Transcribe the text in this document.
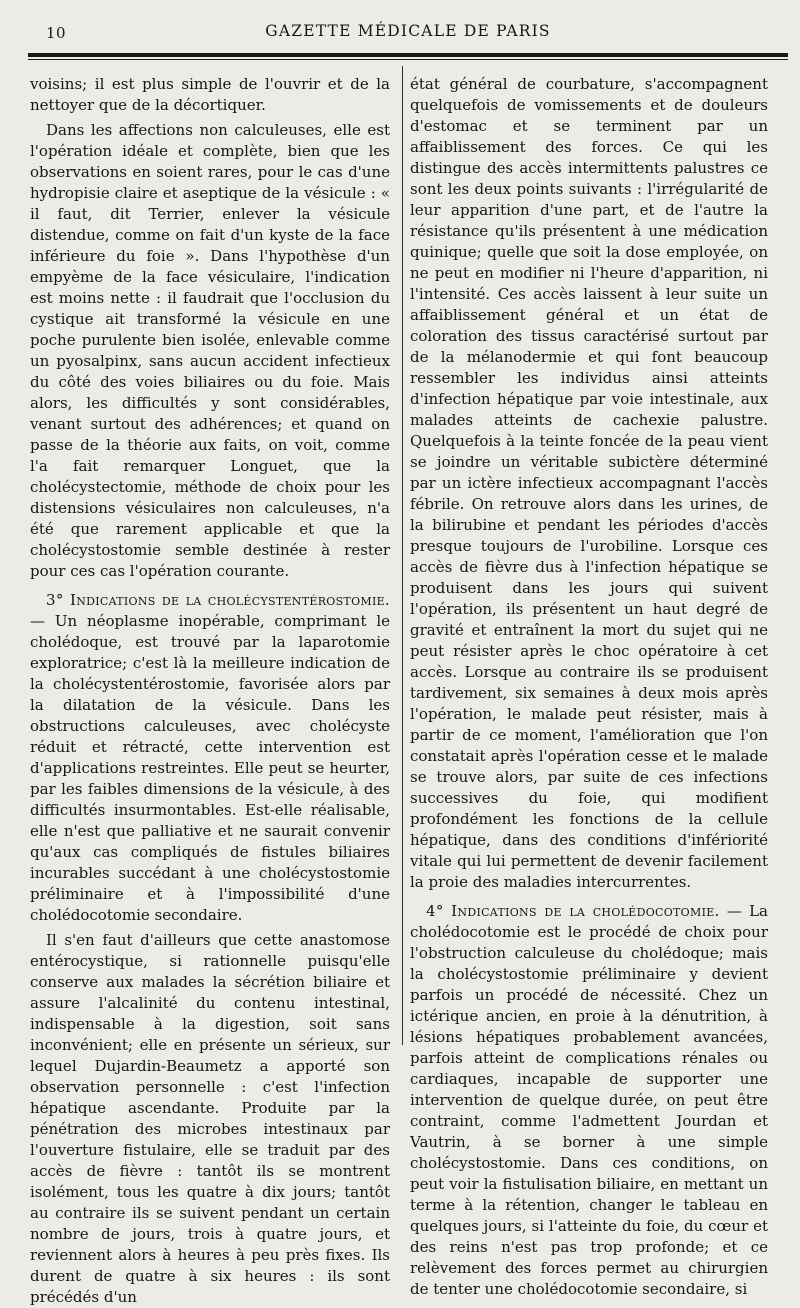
10	GAZETTE MÉDICALE DE PARIS

voisins; il est plus simple de l'ouvrir et de la nettoyer que de la décortiquer.

Dans les affections non calculeuses, elle est l'opération idéale et complète, bien que les observations en soient rares, pour le cas d'une hydropisie claire et aseptique de la vésicule : « il faut, dit Terrier, enlever la vésicule distendue, comme on fait d'un kyste de la face inférieure du foie ». Dans l'hypothèse d'un empyème de la face vésiculaire, l'indication est moins nette : il faudrait que l'occlusion du cystique ait transformé la vésicule en une poche purulente bien isolée, enlevable comme un pyosalpinx, sans aucun accident infectieux du côté des voies biliaires ou du foie. Mais alors, les difficultés y sont considérables, venant surtout des adhérences; et quand on passe de la théorie aux faits, on voit, comme l'a fait remarquer Longuet, que la cholécystectomie, méthode de choix pour les distensions vésiculaires non calculeuses, n'a été que rarement applicable et que la cholécystostomie semble destinée à rester pour ces cas l'opération courante.

3° Indications de la cholécystentérostomie. — Un néoplasme inopérable, comprimant le cholédoque, est trouvé par la laparotomie exploratrice; c'est là la meilleure indication de la cholécystentérostomie, favorisée alors par la dilatation de la vésicule. Dans les obstructions calculeuses, avec cholécyste réduit et rétracté, cette intervention est d'applications restreintes. Elle peut se heurter, par les faibles dimensions de la vésicule, à des difficultés insurmontables. Est-elle réalisable, elle n'est que palliative et ne saurait convenir qu'aux cas compliqués de fistules biliaires incurables succédant à une cholécystostomie préliminaire et à l'impossibilité d'une cholédocotomie secondaire.

Il s'en faut d'ailleurs que cette anastomose entérocystique, si rationnelle puisqu'elle conserve aux malades la sécrétion biliaire et assure l'alcalinité du contenu intestinal, indispensable à la digestion, soit sans inconvénient; elle en présente un sérieux, sur lequel Dujardin-Beaumetz a apporté son observation personnelle : c'est l'infection hépatique ascendante. Produite par la pénétration des microbes intestinaux par l'ouverture fistulaire, elle se traduit par des accès de fièvre : tantôt ils se montrent isolément, tous les quatre à dix jours; tantôt au contraire ils se suivent pendant un certain nombre de jours, trois à quatre jours, et reviennent alors à heures à peu près fixes. Ils durent de quatre à six heures : ils sont précédés d'un

état général de courbature, s'accompagnent quelquefois de vomissements et de douleurs d'estomac et se terminent par un affaiblissement des forces. Ce qui les distingue des accès intermittents palustres ce sont les deux points suivants : l'irrégularité de leur apparition d'une part, et de l'autre la résistance qu'ils présentent à une médication quinique; quelle que soit la dose employée, on ne peut en modifier ni l'heure d'apparition, ni l'intensité. Ces accès laissent à leur suite un affaiblissement général et un état de coloration des tissus caractérisé surtout par de la mélanodermie et qui font beaucoup ressembler les individus ainsi atteints d'infection hépatique par voie intestinale, aux malades atteints de cachexie palustre. Quelquefois à la teinte foncée de la peau vient se joindre un véritable subictère déterminé par un ictère infectieux accompagnant l'accès fébrile. On retrouve alors dans les urines, de la bilirubine et pendant les périodes d'accès presque toujours de l'urobiline. Lorsque ces accès de fièvre dus à l'infection hépatique se produisent dans les jours qui suivent l'opération, ils présentent un haut degré de gravité et entraînent la mort du sujet qui ne peut résister après le choc opératoire à cet accès. Lorsque au contraire ils se produisent tardivement, six semaines à deux mois après l'opération, le malade peut résister, mais à partir de ce moment, l'amélioration que l'on constatait après l'opération cesse et le malade se trouve alors, par suite de ces infections successives du foie, qui modifient profondément les fonctions de la cellule hépatique, dans des conditions d'infériorité vitale qui lui permettent de devenir facilement la proie des maladies intercurrentes.

4° Indications de la cholédocotomie. — La cholédocotomie est le procédé de choix pour l'obstruction calculeuse du cholédoque; mais la cholécystostomie préliminaire y devient parfois un procédé de nécessité. Chez un ictérique ancien, en proie à la dénutrition, à lésions hépatiques probablement avancées, parfois atteint de complications rénales ou cardiaques, incapable de supporter une intervention de quelque durée, on peut être contraint, comme l'admettent Jourdan et Vautrin, à se borner à une simple cholécystostomie. Dans ces conditions, on peut voir la fistulisation biliaire, en mettant un terme à la rétention, changer le tableau en quelques jours, si l'atteinte du foie, du cœur et des reins n'est pas trop profonde; et ce relèvement des forces permet au chirurgien de tenter une cholédocotomie secondaire, si
